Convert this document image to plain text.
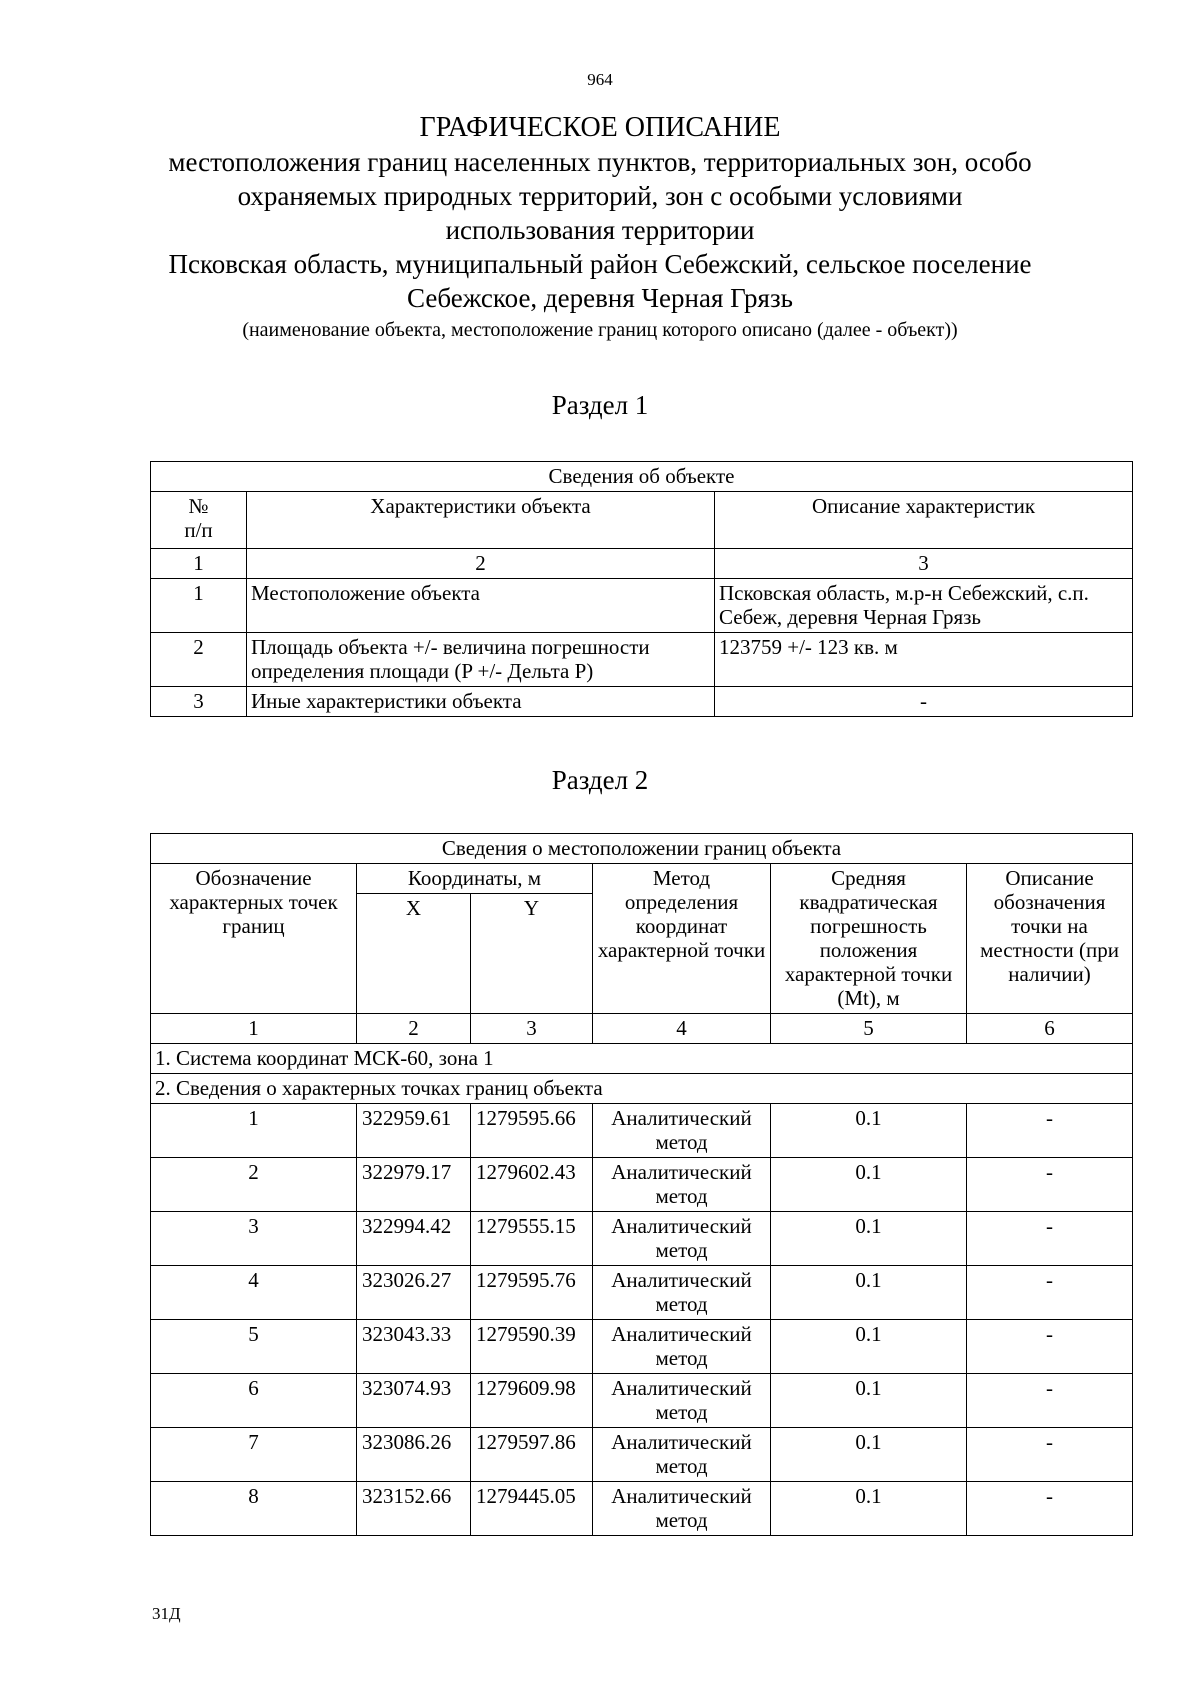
964
ГРАФИЧЕСКОЕ ОПИСАНИЕ
местоположения границ населенных пунктов, территориальных зон, особо
охраняемых природных территорий, зон с особыми условиями
использования территории
Псковская область, муниципальный район Себежский, сельское поселение
Себежское, деревня Черная Грязь
(наименование объекта, местоположение границ которого описано (далее - объект))
Раздел 1
Сведения об объекте		
№
п/п	Характеристики объекта	Описание характеристик
1	2	3
1	Местоположение объекта	Псковская область, м.р-н Себежский, с.п. Себеж, деревня Черная Грязь
2	Площадь объекта +/- величина погрешности определения площади (P +/- Дельта P)	123759 +/- 123 кв. м
3	Иные характеристики объекта	-
Раздел 2
Сведения о местоположении границ объекта					
Обозначение характерных точек границ	Координаты, м		Метод определения координат характерной точки	Средняя квадратическая погрешность положения характерной точки (Mt), м	Описание обозначения точки на местности (при наличии)
	X	Y			
1	2	3	4	5	6
1. Система координат МСК-60, зона 1					
2. Сведения о характерных точках границ объекта					
1	322959.61	1279595.66	Аналитический метод	0.1	-
2	322979.17	1279602.43	Аналитический метод	0.1	-
3	322994.42	1279555.15	Аналитический метод	0.1	-
4	323026.27	1279595.76	Аналитический метод	0.1	-
5	323043.33	1279590.39	Аналитический метод	0.1	-
6	323074.93	1279609.98	Аналитический метод	0.1	-
7	323086.26	1279597.86	Аналитический метод	0.1	-
8	323152.66	1279445.05	Аналитический метод	0.1	-
31Д
